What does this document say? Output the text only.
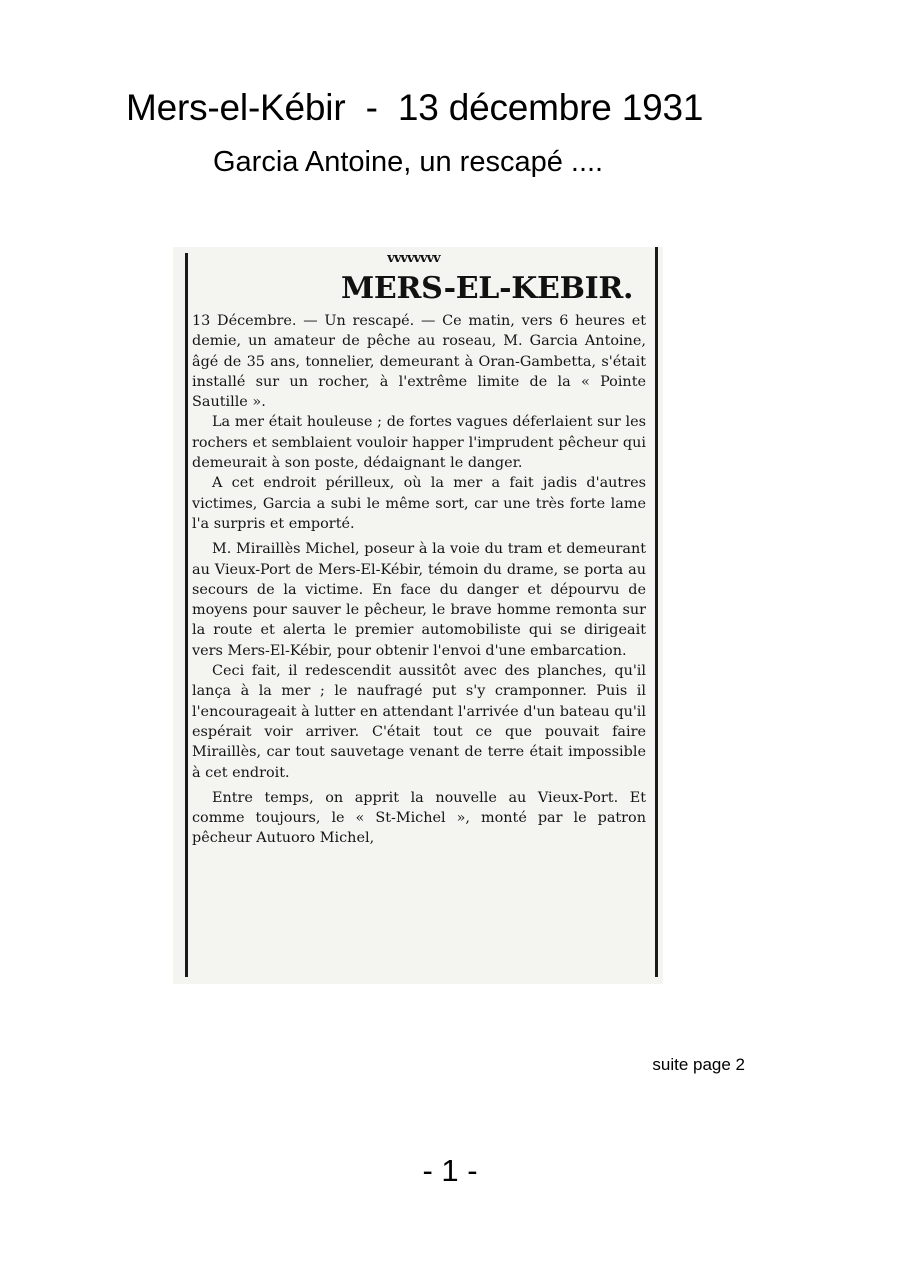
Mers-el-Kébir  -  13 décembre 1931
Garcia Antoine, un rescapé ....
vvvvvvvv
MERS-EL-KEBIR.

13 Décembre. — Un rescapé. — Ce matin, vers 6 heures et demie, un amateur de pêche au roseau, M. Garcia Antoine, âgé de 35 ans, tonnelier, demeurant à Oran-Gambetta, s'était installé sur un rocher, à l'extrême limite de la « Pointe Sautille ».

La mer était houleuse ; de fortes vagues déferlaient sur les rochers et semblaient vouloir happer l'imprudent pêcheur qui demeurait à son poste, dédaignant le danger.

A cet endroit périlleux, où la mer a fait jadis d'autres victimes, Garcia a subi le même sort, car une très forte lame l'a surpris et emporté.

M. Miraillès Michel, poseur à la voie du tram et demeurant au Vieux-Port de Mers-El-Kébir, témoin du drame, se porta au secours de la victime. En face du danger et dépourvu de moyens pour sauver le pêcheur, le brave homme remonta sur la route et alerta le premier automobiliste qui se dirigeait vers Mers-El-Kébir, pour obtenir l'envoi d'une embarcation.

Ceci fait, il redescendit aussitôt avec des planches, qu'il lança à la mer ; le naufragé put s'y cramponner. Puis il l'encourageait à lutter en attendant l'arrivée d'un bateau qu'il espérait voir arriver. C'était tout ce que pouvait faire Miraillès, car tout sauvetage venant de terre était impossible à cet endroit.

Entre temps, on apprit la nouvelle au Vieux-Port. Et comme toujours, le « St-Michel », monté par le patron pêcheur Autuoro Michel,

suite page 2
- 1 -
